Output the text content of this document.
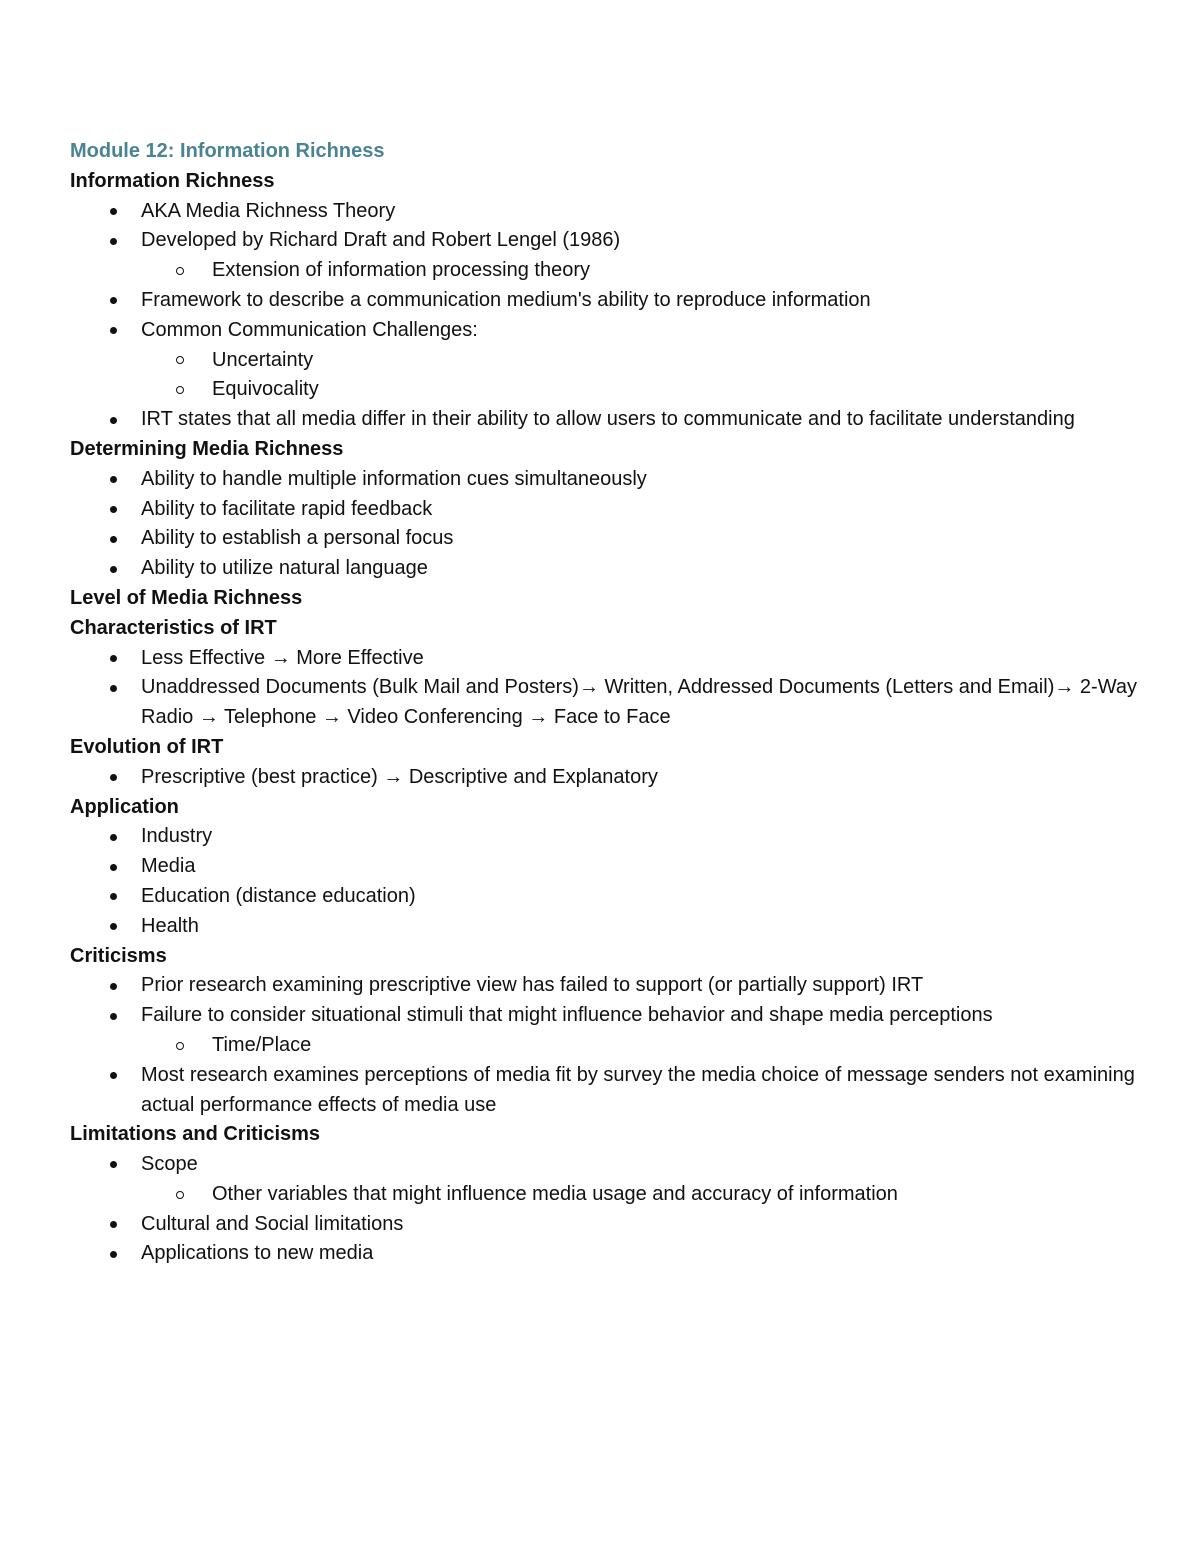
Module 12: Information Richness

Information Richness

AKA Media Richness Theory
Developed by Richard Draft and Robert Lengel (1986)
Extension of information processing theory
Framework to describe a communication medium's ability to reproduce information
Common Communication Challenges:
Uncertainty
Equivocality
IRT states that all media differ in their ability to allow users to communicate and to facilitate understanding

Determining Media Richness

Ability to handle multiple information cues simultaneously
Ability to facilitate rapid feedback
Ability to establish a personal focus
Ability to utilize natural language

Level of Media Richness

Characteristics of IRT

Less Effective → More Effective
Unaddressed Documents (Bulk Mail and Posters)→ Written, Addressed Documents (Letters and Email)→ 2-Way Radio → Telephone → Video Conferencing → Face to Face

Evolution of IRT

Prescriptive (best practice) → Descriptive and Explanatory

Application

Industry
Media
Education (distance education)
Health

Criticisms

Prior research examining prescriptive view has failed to support (or partially support) IRT
Failure to consider situational stimuli that might influence behavior and shape media perceptions
Time/Place
Most research examines perceptions of media fit by survey the media choice of message senders not examining actual performance effects of media use

Limitations and Criticisms

Scope
Other variables that might influence media usage and accuracy of information
Cultural and Social limitations
Applications to new media
